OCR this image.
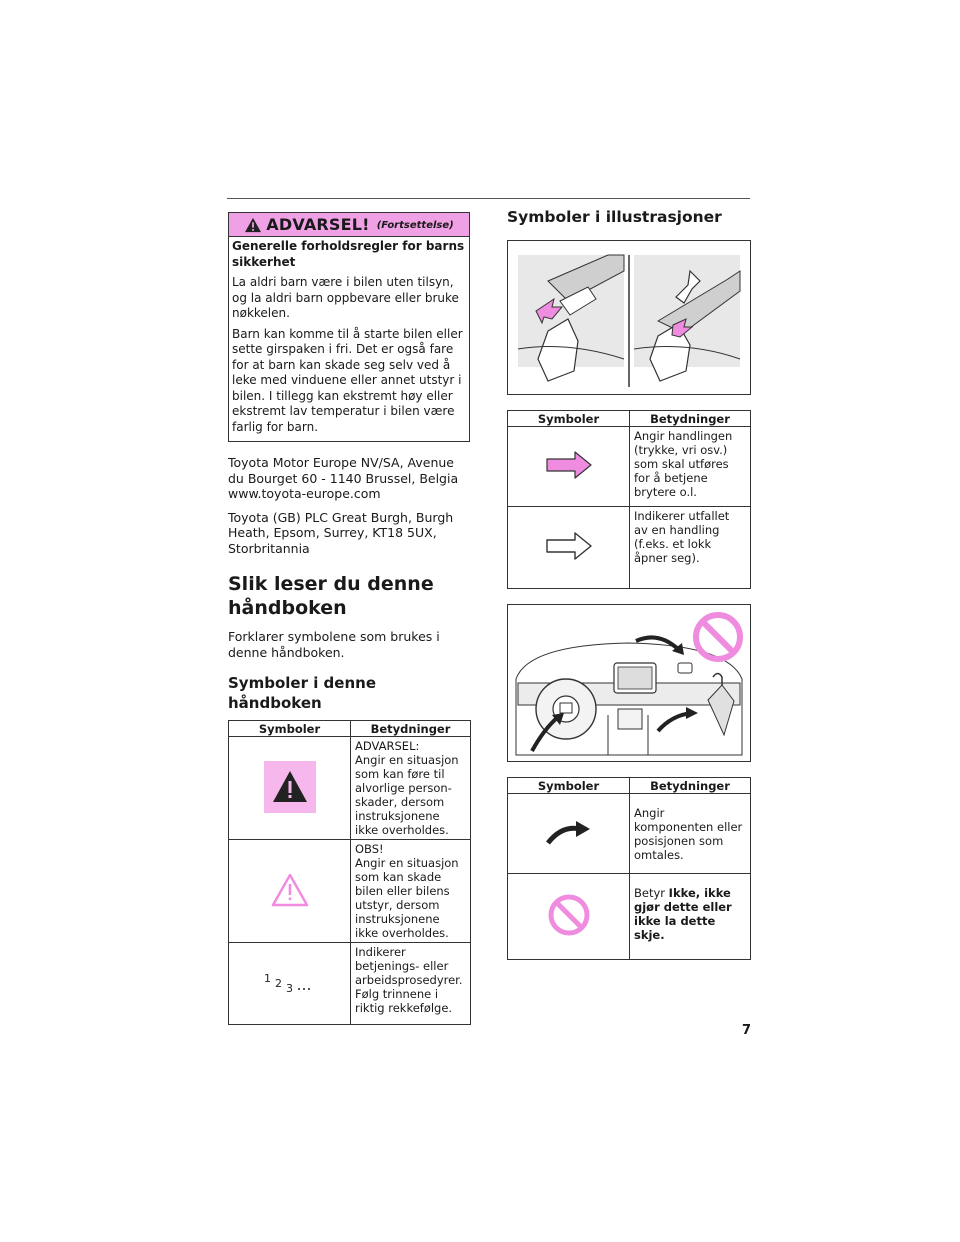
ADVARSEL! (Fortsettelse)
Generelle forholdsregler for barns sikkerhet

La aldri barn være i bilen uten tilsyn, og la aldri barn oppbevare eller bruke nøkkelen.

Barn kan komme til å starte bilen eller sette girspaken i fri. Det er også fare for at barn kan skade seg selv ved å leke med vinduene eller annet utstyr i bilen. I tillegg kan ekstremt høy eller ekstremt lav temperatur i bilen være farlig for barn.

Toyota Motor Europe NV/SA, Avenue du Bourget 60 - 1140 Brussel, Belgia www.toyota-europe.com

Toyota (GB) PLC Great Burgh, Burgh Heath, Epsom, Surrey, KT18 5UX, Storbritannia

Slik leser du denne håndboken

Forklarer symbolene som brukes i denne håndboken.

Symboler i denne håndboken
Symboler	Betydninger
	ADVARSEL:
Angir en situasjon som kan føre til alvorlige person-skader, dersom instruksjonene ikke overholdes.
	OBS!
Angir en situasjon som kan skade bilen eller bilens utstyr, dersom instruksjonene ikke overholdes.

1 2 3	Indikerer betjenings- eller arbeidsprosedyrer. Følg trinnene i riktig rekkefølge.
Symboler i illustrasjoner
Symboler	Betydninger
	Angir handlingen (trykke, vri osv.) som skal utføres for å betjene brytere o.l.
	Indikerer utfallet av en handling (f.eks. et lokk åpner seg).
Symboler	Betydninger
	Angir komponenten eller posisjonen som omtales.
	Betyr Ikke, ikke gjør dette eller ikke la dette skje.
7
